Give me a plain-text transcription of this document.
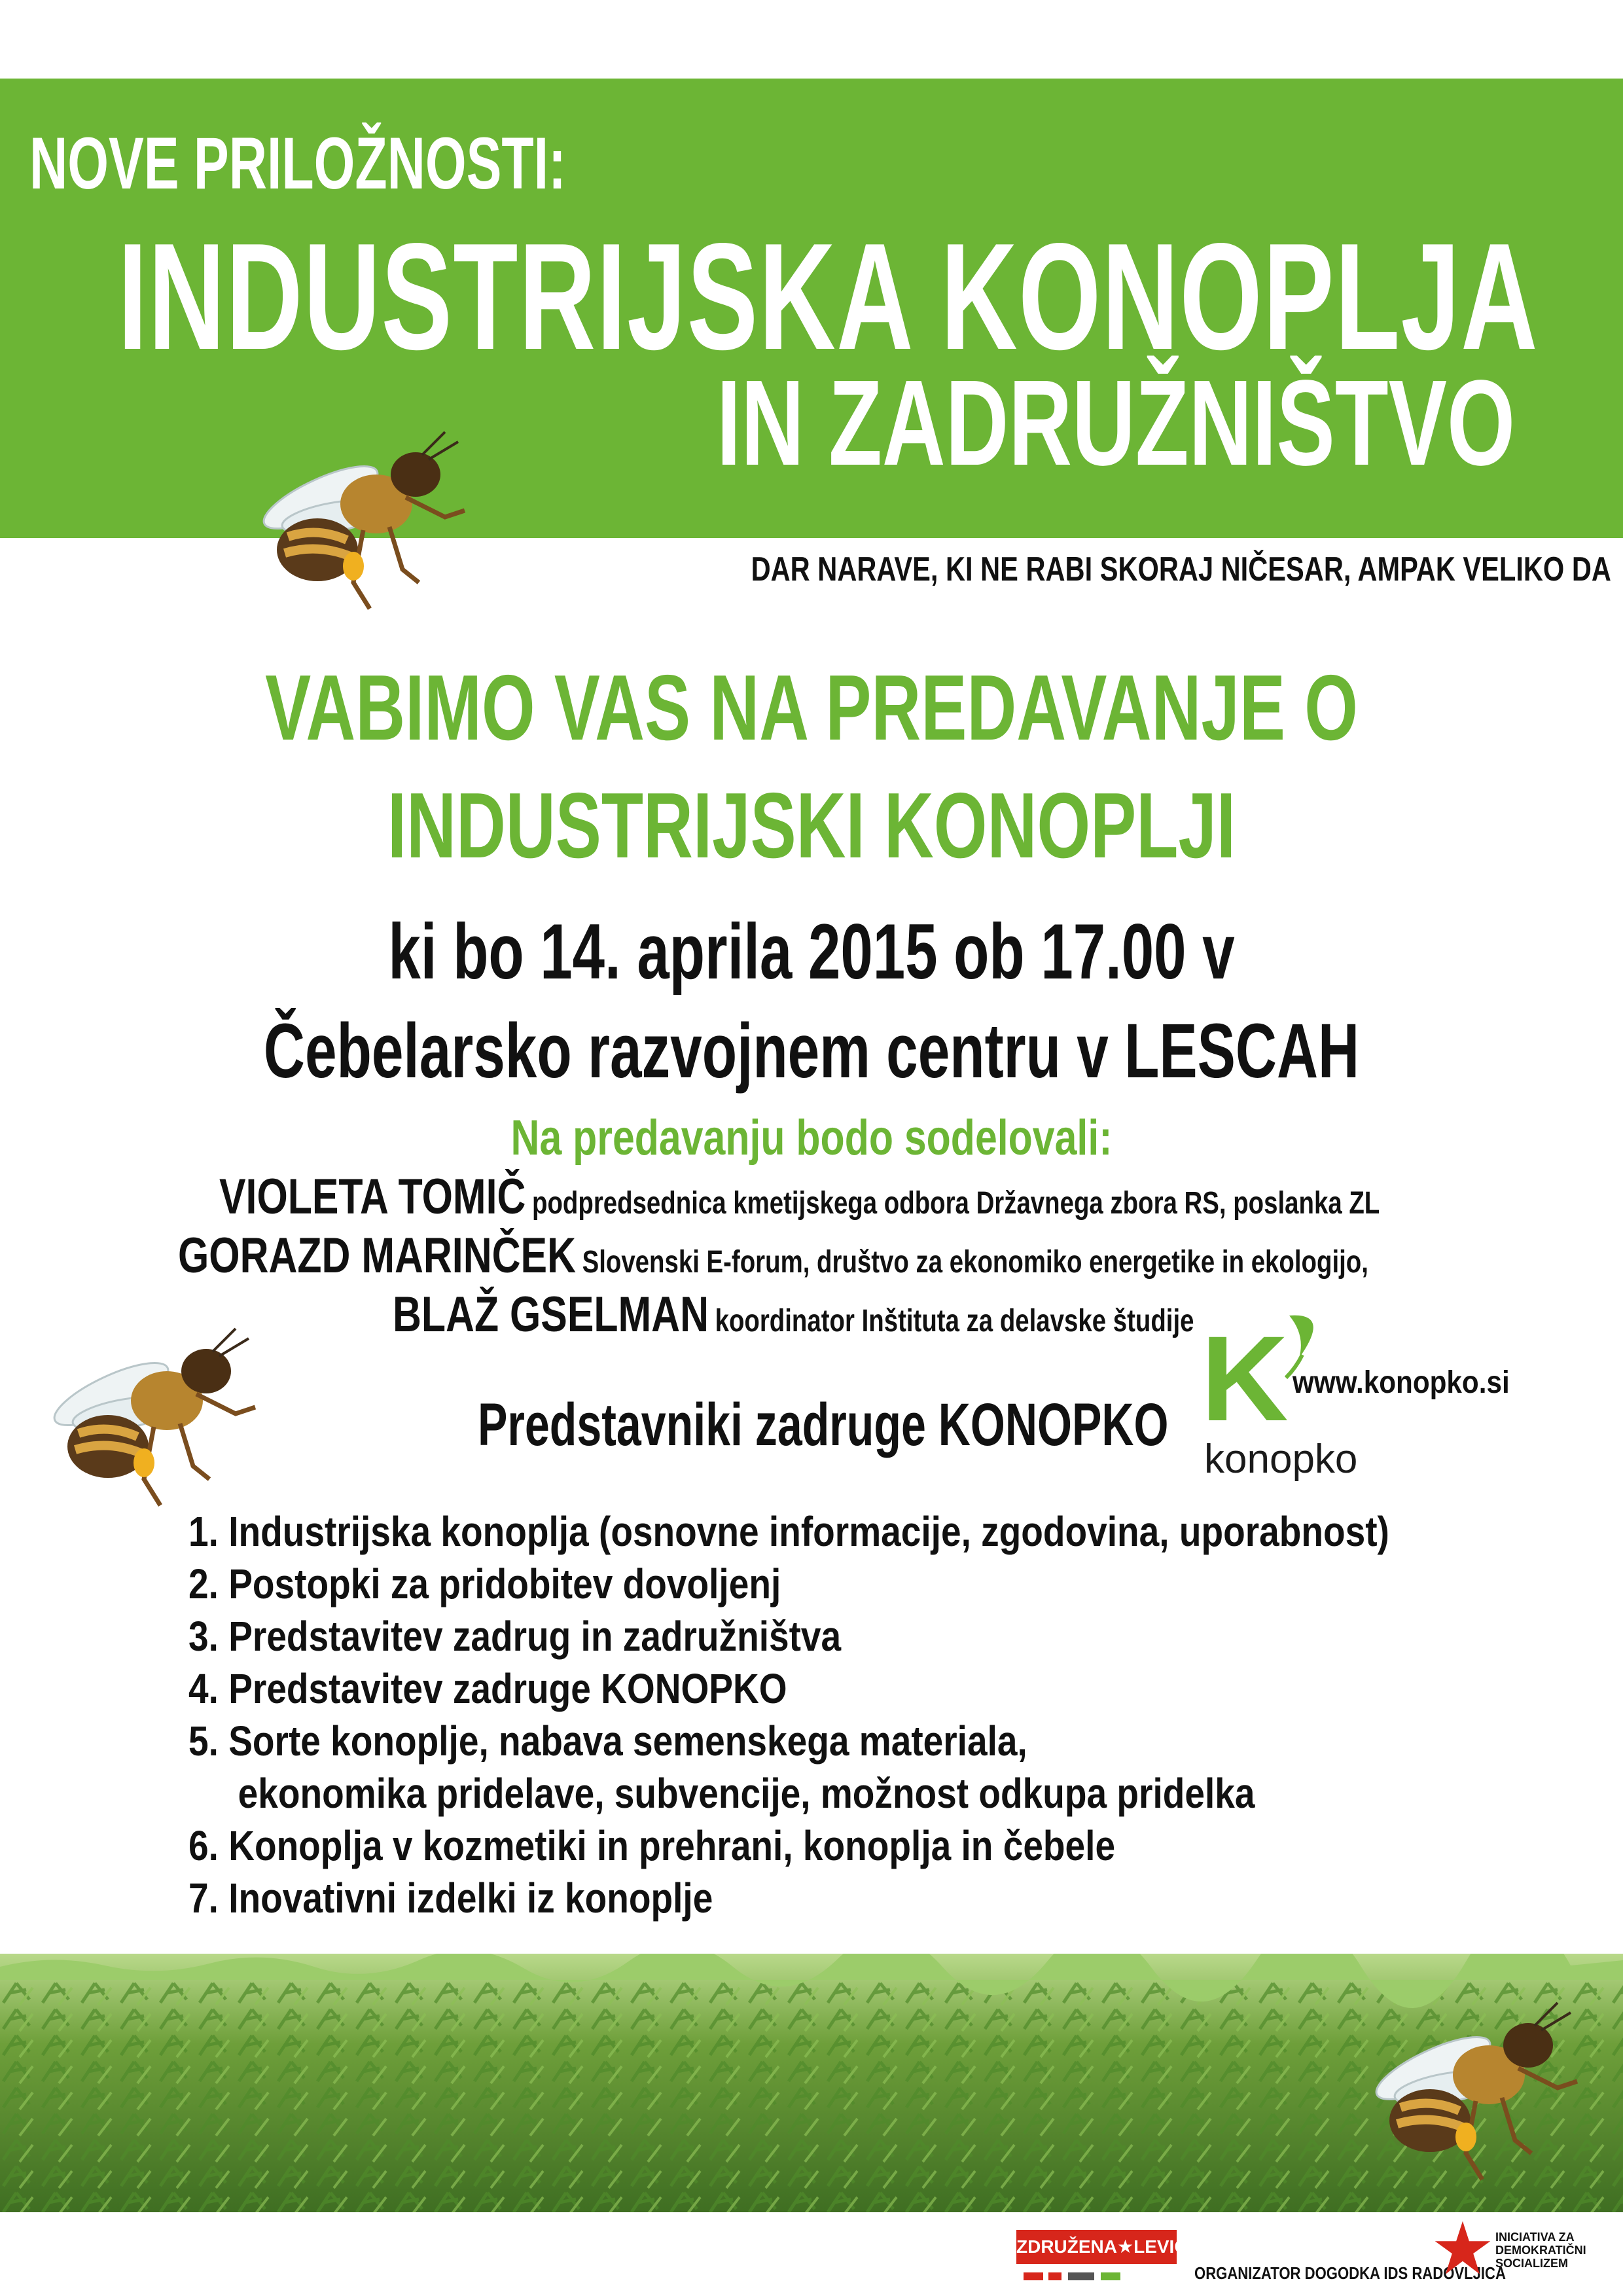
NOVE PRILOŽNOSTI:
INDUSTRIJSKA KONOPLJA
IN ZADRUŽNIŠTVO
DAR NARAVE, KI NE RABI SKORAJ NIČESAR, AMPAK VELIKO DA
VABIMO VAS NA PREDAVANJE O
INDUSTRIJSKI KONOPLJI
ki bo 14. aprila 2015 ob 17.00 v
Čebelarsko razvojnem centru v LESCAH
Na predavanju bodo sodelovali:
VIOLETA TOMIČ podpredsednica kmetijskega odbora Državnega zbora RS, poslanka ZL
GORAZD MARINČEK Slovenski E-forum, društvo za ekonomiko energetike in ekologijo,
BLAŽ GSELMAN koordinator Inštituta za delavske študije
Predstavniki zadruge KONOPKO K
konopko
www.konopko.si
1. Industrijska konoplja (osnovne informacije, zgodovina, uporabnost)
2. Postopki za pridobitev dovoljenj
3. Predstavitev zadrug in zadružništva
4. Predstavitev zadruge KONOPKO
5. Sorte konoplje, nabava semenskega materiala,
ekonomika pridelave, subvencije, možnost odkupa pridelka
6. Konoplja v kozmetiki in prehrani, konoplja in čebele
7. Inovativni izdelki iz konoplje
ZDRUŽENA★LEVICA
ORGANIZATOR DOGODKA IDS RADOVLJICA
INICIATIVA ZA
DEMOKRATIČNI
SOCIALIZEM
